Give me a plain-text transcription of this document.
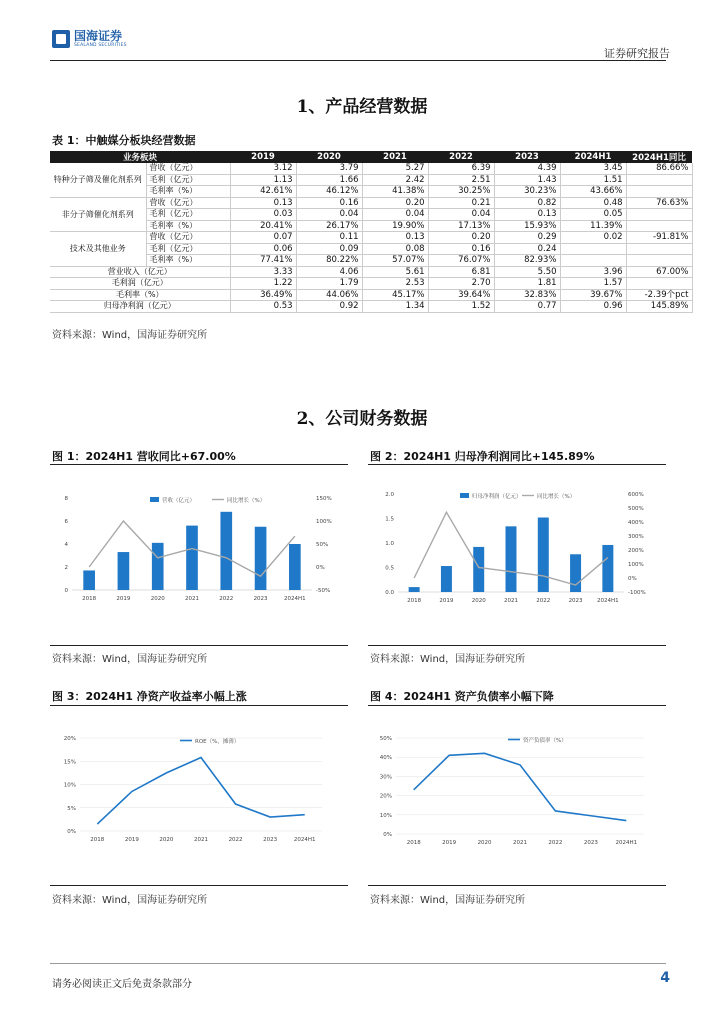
国海证券
SEALAND SECURITIES
证券研究报告
1、产品经营数据
表 1：中触媒分板块经营数据
业务板块		2019	2020	2021	2022	2023	2024H1	2024H1同比
特种分子筛及催化剂系列	营收（亿元）	3.12	3.79	5.27	6.39	4.39	3.45	86.66%
	毛利（亿元）	1.13	1.66	2.42	2.51	1.43	1.51	
	毛利率（%）	42.61%	46.12%	41.38%	30.25%	30.23%	43.66%	
非分子筛催化剂系列	营收（亿元）	0.13	0.16	0.20	0.21	0.82	0.48	76.63%
	毛利（亿元）	0.03	0.04	0.04	0.04	0.13	0.05	
	毛利率（%）	20.41%	26.17%	19.90%	17.13%	15.93%	11.39%	
技术及其他业务	营收（亿元）	0.07	0.11	0.13	0.20	0.29	0.02	-91.81%
	毛利（亿元）	0.06	0.09	0.08	0.16	0.24		
	毛利率（%）	77.41%	80.22%	57.07%	76.07%	82.93%		
营业收入（亿元）		3.33	4.06	5.61	6.81	5.50	3.96	67.00%
毛利润（亿元）		1.22	1.79	2.53	2.70	1.81	1.57	
毛利率（%）		36.49%	44.06%	45.17%	39.64%	32.83%	39.67%	-2.39个pct
归母净利润（亿元）		0.53	0.92	1.34	1.52	0.77	0.96	145.89%
资料来源：Wind，国海证券研究所
2、公司财务数据
图 1：2024H1 营收同比+67.00%	图 2：2024H1 归母净利润同比+145.89%
0
2
4
6
8
-50%
0%
50%
100%
150%
2018	2019	2020	2021	2022	2023	2024H1
营收（亿元）	同比增长（%）
0.0
0.5
1.0
1.5
2.0
-100%
0%
100%
200%
300%
400%
500%
600%
2018	2019	2020	2021	2022	2023	2024H1
归母净利润（亿元）	同比增长（%）
资料来源：Wind，国海证券研究所	资料来源：Wind，国海证券研究所
图 3：2024H1 净资产收益率小幅上涨	图 4：2024H1 资产负债率小幅下降
0%
5%
10%
15%
20%
2018	2019	2020	2021	2022	2023	2024H1
ROE（%，摊薄）
0%
10%
20%
30%
40%
50%
2018	2019	2020	2021	2022	2023	2024H1
资产负债率（%）
资料来源：Wind，国海证券研究所	资料来源：Wind，国海证券研究所
请务必阅读正文后免责条款部分	4
